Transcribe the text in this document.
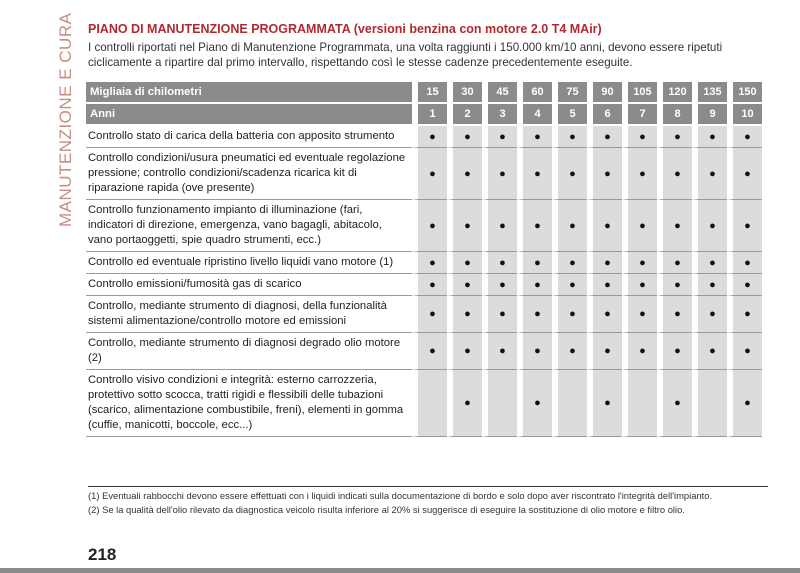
MANUTENZIONE E CURA	PIANO DI MANUTENZIONE PROGRAMMATA (versioni benzina con motore 2.0 T4 MAir)
I controlli riportati nel Piano di Manutenzione Programmata, una volta raggiunti i 150.000 km/10 anni, devono essere ripetuti ciclicamente a ripartire dal primo intervallo, rispettando così le stesse cadenze precedentemente eseguite.
Migliaia di chilometri	15	30	45	60	75	90	105	120	135	150
Anni	1	2	3	4	5	6	7	8	9	10
Controllo stato di carica della batteria con apposito strumento	●	●	●	●	●	●	●	●	●	●
Controllo condizioni/usura pneumatici ed eventuale regolazione pressione; controllo condizioni/scadenza ricarica kit di riparazione rapida (ove presente)	●	●	●	●	●	●	●	●	●	●
Controllo funzionamento impianto di illuminazione (fari, indicatori di direzione, emergenza, vano bagagli, abitacolo, vano portaoggetti, spie quadro strumenti, ecc.)	●	●	●	●	●	●	●	●	●	●
Controllo ed eventuale ripristino livello liquidi vano motore (1)	●	●	●	●	●	●	●	●	●	●
Controllo emissioni/fumosità gas di scarico	●	●	●	●	●	●	●	●	●	●
Controllo, mediante strumento di diagnosi, della funzionalità sistemi alimentazione/controllo motore ed emissioni	●	●	●	●	●	●	●	●	●	●
Controllo, mediante strumento di diagnosi degrado olio motore (2)	●	●	●	●	●	●	●	●	●	●
Controllo visivo condizioni e integrità: esterno carrozzeria, protettivo sotto scocca, tratti rigidi e flessibili delle tubazioni (scarico, alimentazione combustibile, freni), elementi in gomma (cuffie, manicotti, boccole, ecc...)		●		●		●		●		●
(1) Eventuali rabbocchi devono essere effettuati con i liquidi indicati sulla documentazione di bordo e solo dopo aver riscontrato l'integrità dell'impianto.
(2) Se la qualità dell'olio rilevato da diagnostica veicolo risulta inferiore al 20% si suggerisce di eseguire la sostituzione di olio motore e filtro olio.
218
